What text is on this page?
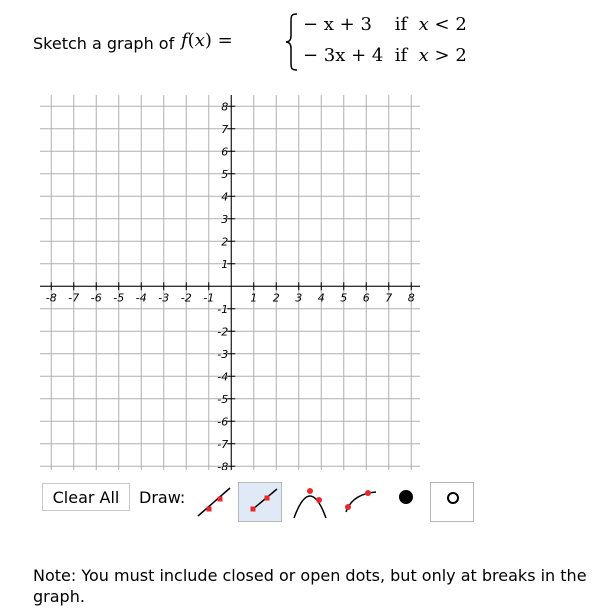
Sketch a graph of f(x) =
− x + 3 if x < 2
− 3x + 4 if x > 2
-8 -7 -6 -5 -4 -3 -2 -1	1 2 3 4 5 6 7 8
8
7
6
5
4
3
2
1
-1
-2
-3
-4
-5
-6
-7
-8
Clear All	Draw:
Note: You must include closed or open dots, but only at breaks in the graph.
